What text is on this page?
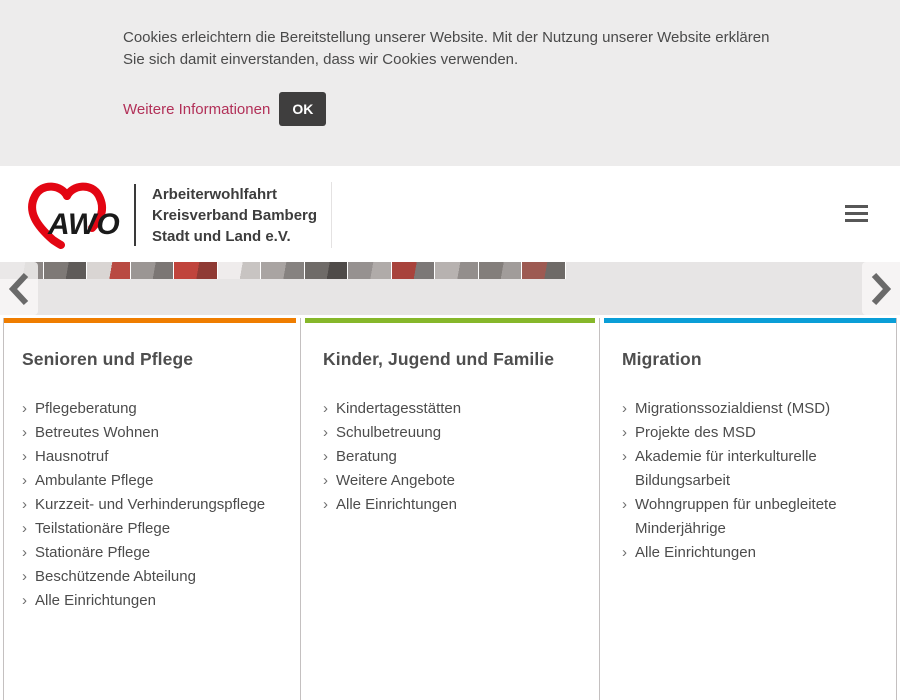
Cookies erleichtern die Bereitstellung unserer Website. Mit der Nutzung unserer Website erklären Sie sich damit einverstanden, dass wir Cookies verwenden.

Weitere Informationen	OK
AWO
Arbeiterwohlfahrt
Kreisverband Bamberg
Stadt und Land e.V.
Senioren und Pflege
› Pflegeberatung
› Betreutes Wohnen
› Hausnotruf
› Ambulante Pflege
› Kurzzeit- und Verhinderungspflege
› Teilstationäre Pflege
› Stationäre Pflege
› Beschützende Abteilung
› Alle Einrichtungen
Kinder, Jugend und Familie
› Kindertagesstätten
› Schulbetreuung
› Beratung
› Weitere Angebote
› Alle Einrichtungen
Migration
› Migrationssozialdienst (MSD)
› Projekte des MSD
› Akademie für interkulturelle Bildungsarbeit
› Wohngruppen für unbegleitete Minderjährige
› Alle Einrichtungen
